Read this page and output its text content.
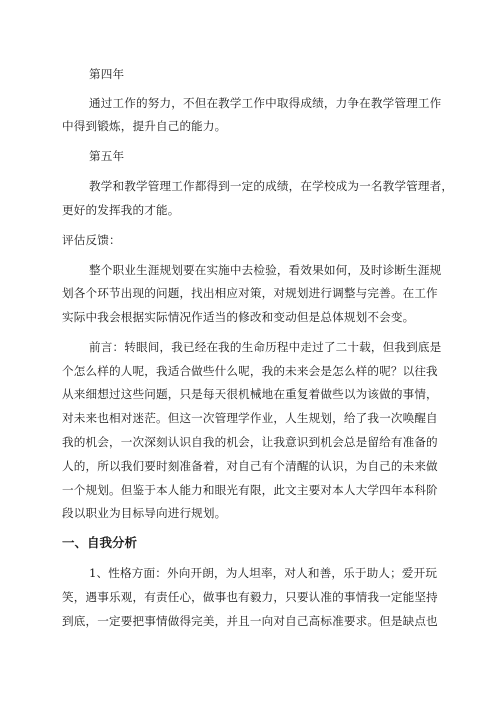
第四年
通过工作的努力，不但在教学工作中取得成绩，力争在教学管理工作
中得到锻炼，提升自己的能力。
第五年
教学和教学管理工作都得到一定的成绩，在学校成为一名教学管理者，
更好的发挥我的才能。
评估反馈：
整个职业生涯规划要在实施中去检验，看效果如何，及时诊断生涯规
划各个环节出现的问题，找出相应对策，对规划进行调整与完善。在工作
实际中我会根据实际情况作适当的修改和变动但是总体规划不会变。
前言：转眼间，我已经在我的生命历程中走过了二十载，但我到底是
个怎么样的人呢，我适合做些什么呢，我的未来会是怎么样的呢？以往我
从来细想过这些问题，只是每天很机械地在重复着做些以为该做的事情，
对未来也相对迷茫。但这一次管理学作业，人生规划，给了我一次唤醒自
我的机会，一次深刻认识自我的机会，让我意识到机会总是留给有准备的
人的，所以我们要时刻准备着，对自己有个清醒的认识，为自己的未来做
一个规划。但鉴于本人能力和眼光有限，此文主要对本人大学四年本科阶
段以职业为目标导向进行规划。
一、自我分析
1、性格方面：外向开朗，为人坦率，对人和善，乐于助人；爱开玩
笑，遇事乐观，有责任心，做事也有毅力，只要认准的事情我一定能坚持
到底，一定要把事情做得完美，并且一向对自己高标准要求。但是缺点也
